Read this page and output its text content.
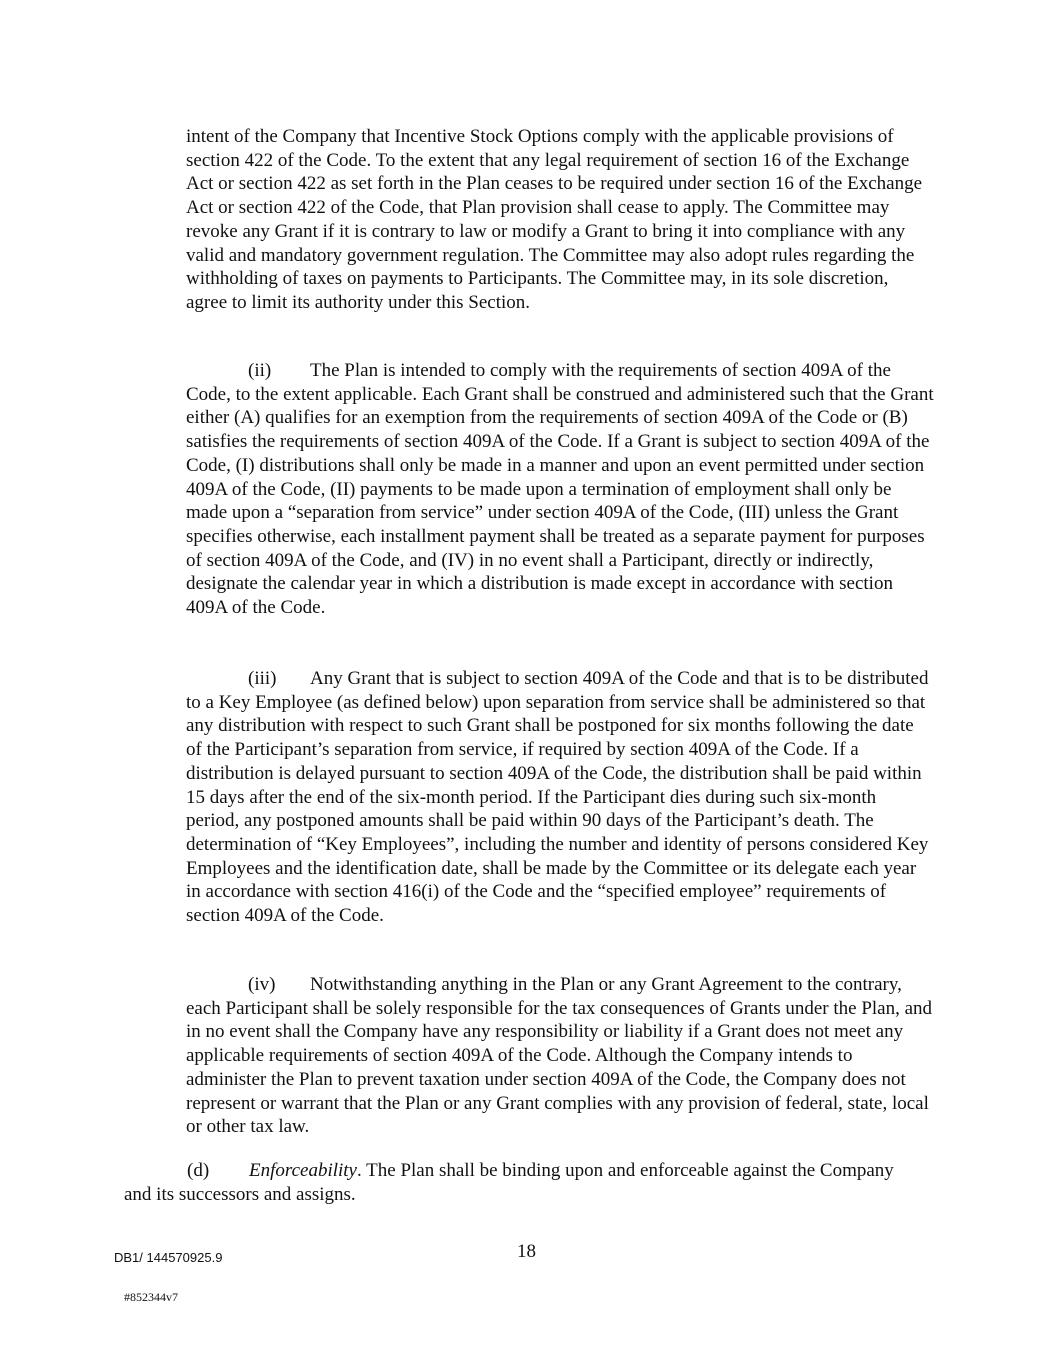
intent of the Company that Incentive Stock Options comply with the applicable provisions of section 422 of the Code. To the extent that any legal requirement of section 16 of the Exchange Act or section 422 as set forth in the Plan ceases to be required under section 16 of the Exchange Act or section 422 of the Code, that Plan provision shall cease to apply. The Committee may revoke any Grant if it is contrary to law or modify a Grant to bring it into compliance with any valid and mandatory government regulation. The Committee may also adopt rules regarding the withholding of taxes on payments to Participants. The Committee may, in its sole discretion, agree to limit its authority under this Section.

(ii) The Plan is intended to comply with the requirements of section 409A of the Code, to the extent applicable. Each Grant shall be construed and administered such that the Grant either (A) qualifies for an exemption from the requirements of section 409A of the Code or (B) satisfies the requirements of section 409A of the Code. If a Grant is subject to section 409A of the Code, (I) distributions shall only be made in a manner and upon an event permitted under section 409A of the Code, (II) payments to be made upon a termination of employment shall only be made upon a “separation from service” under section 409A of the Code, (III) unless the Grant specifies otherwise, each installment payment shall be treated as a separate payment for purposes of section 409A of the Code, and (IV) in no event shall a Participant, directly or indirectly, designate the calendar year in which a distribution is made except in accordance with section 409A of the Code.

(iii) Any Grant that is subject to section 409A of the Code and that is to be distributed to a Key Employee (as defined below) upon separation from service shall be administered so that any distribution with respect to such Grant shall be postponed for six months following the date of the Participant’s separation from service, if required by section 409A of the Code. If a distribution is delayed pursuant to section 409A of the Code, the distribution shall be paid within 15 days after the end of the six-month period. If the Participant dies during such six-month period, any postponed amounts shall be paid within 90 days of the Participant’s death. The determination of “Key Employees”, including the number and identity of persons considered Key Employees and the identification date, shall be made by the Committee or its delegate each year in accordance with section 416(i) of the Code and the “specified employee” requirements of section 409A of the Code.

(iv) Notwithstanding anything in the Plan or any Grant Agreement to the contrary, each Participant shall be solely responsible for the tax consequences of Grants under the Plan, and in no event shall the Company have any responsibility or liability if a Grant does not meet any applicable requirements of section 409A of the Code. Although the Company intends to administer the Plan to prevent taxation under section 409A of the Code, the Company does not represent or warrant that the Plan or any Grant complies with any provision of federal, state, local or other tax law.

(d) Enforceability. The Plan shall be binding upon and enforceable against the Company and its successors and assigns.

DB1/ 144570925.9	18
#852344v7
